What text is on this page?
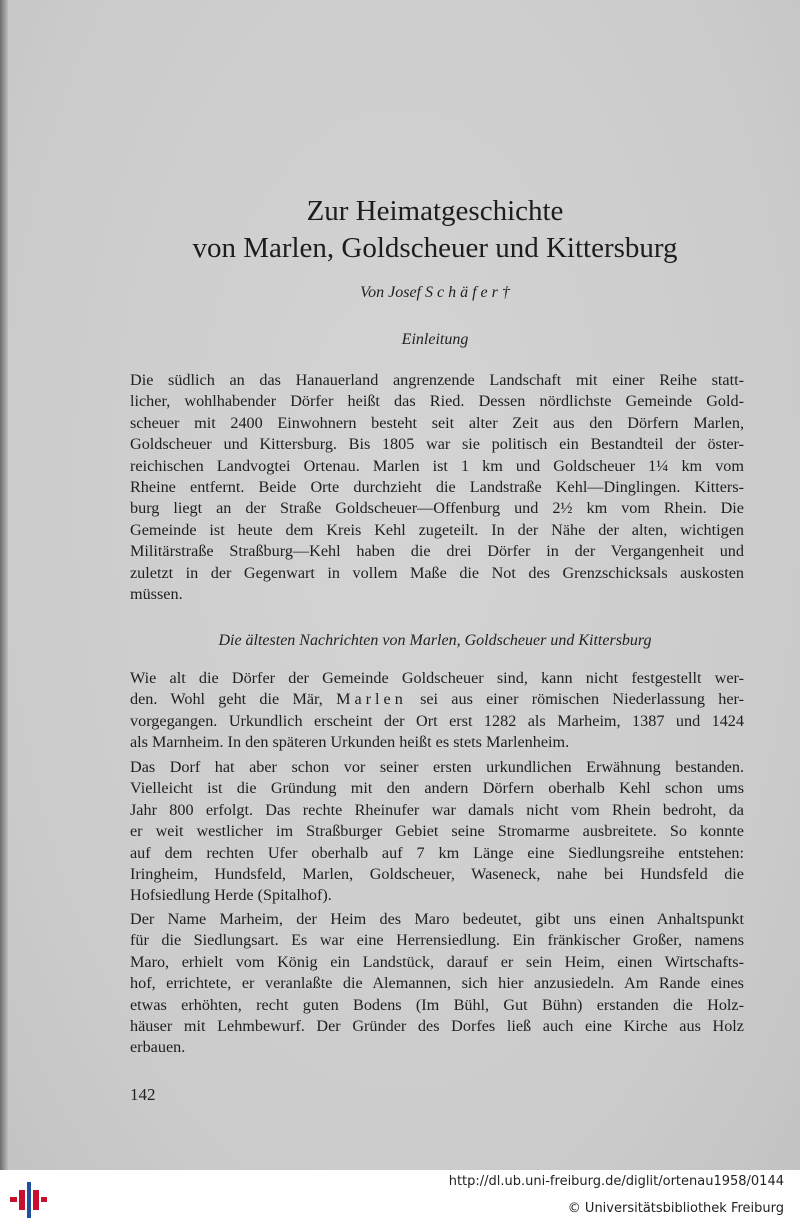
Zur Heimatgeschichte
von Marlen, Goldscheuer und Kittersburg
Von Josef Schäfer†
Einleitung

Die südlich an das Hanauerland angrenzende Landschaft mit einer Reihe statt-
licher, wohlhabender Dörfer heißt das Ried. Dessen nördlichste Gemeinde Gold-
scheuer mit 2400 Einwohnern besteht seit alter Zeit aus den Dörfern Marlen,
Goldscheuer und Kittersburg. Bis 1805 war sie politisch ein Bestandteil der öster-
reichischen Landvogtei Ortenau. Marlen ist 1 km und Goldscheuer 1¼ km vom
Rheine entfernt. Beide Orte durchzieht die Landstraße Kehl—Dinglingen. Kitters-
burg liegt an der Straße Goldscheuer—Offenburg und 2½ km vom Rhein. Die
Gemeinde ist heute dem Kreis Kehl zugeteilt. In der Nähe der alten, wichtigen
Militärstraße Straßburg—Kehl haben die drei Dörfer in der Vergangenheit und
zuletzt in der Gegenwart in vollem Maße die Not des Grenzschicksals auskosten
müssen.

Die ältesten Nachrichten von Marlen, Goldscheuer und Kittersburg

Wie alt die Dörfer der Gemeinde Goldscheuer sind, kann nicht festgestellt wer-
den. Wohl geht die Mär, Marlen sei aus einer römischen Niederlassung her-
vorgegangen. Urkundlich erscheint der Ort erst 1282 als Marheim, 1387 und 1424
als Marnheim. In den späteren Urkunden heißt es stets Marlenheim.

Das Dorf hat aber schon vor seiner ersten urkundlichen Erwähnung bestanden.
Vielleicht ist die Gründung mit den andern Dörfern oberhalb Kehl schon ums
Jahr 800 erfolgt. Das rechte Rheinufer war damals nicht vom Rhein bedroht, da
er weit westlicher im Straßburger Gebiet seine Stromarme ausbreitete. So konnte
auf dem rechten Ufer oberhalb auf 7 km Länge eine Siedlungsreihe entstehen:
Iringheim, Hundsfeld, Marlen, Goldscheuer, Waseneck, nahe bei Hundsfeld die
Hofsiedlung Herde (Spitalhof).

Der Name Marheim, der Heim des Maro bedeutet, gibt uns einen Anhaltspunkt
für die Siedlungsart. Es war eine Herrensiedlung. Ein fränkischer Großer, namens
Maro, erhielt vom König ein Landstück, darauf er sein Heim, einen Wirtschafts-
hof, errichtete, er veranlaßte die Alemannen, sich hier anzusiedeln. Am Rande eines
etwas erhöhten, recht guten Bodens (Im Bühl, Gut Bühn) erstanden die Holz-
häuser mit Lehmbewurf. Der Gründer des Dorfes ließ auch eine Kirche aus Holz
erbauen.

142
http://dl.ub.uni-freiburg.de/diglit/ortenau1958/0144
© Universitätsbibliothek Freiburg
